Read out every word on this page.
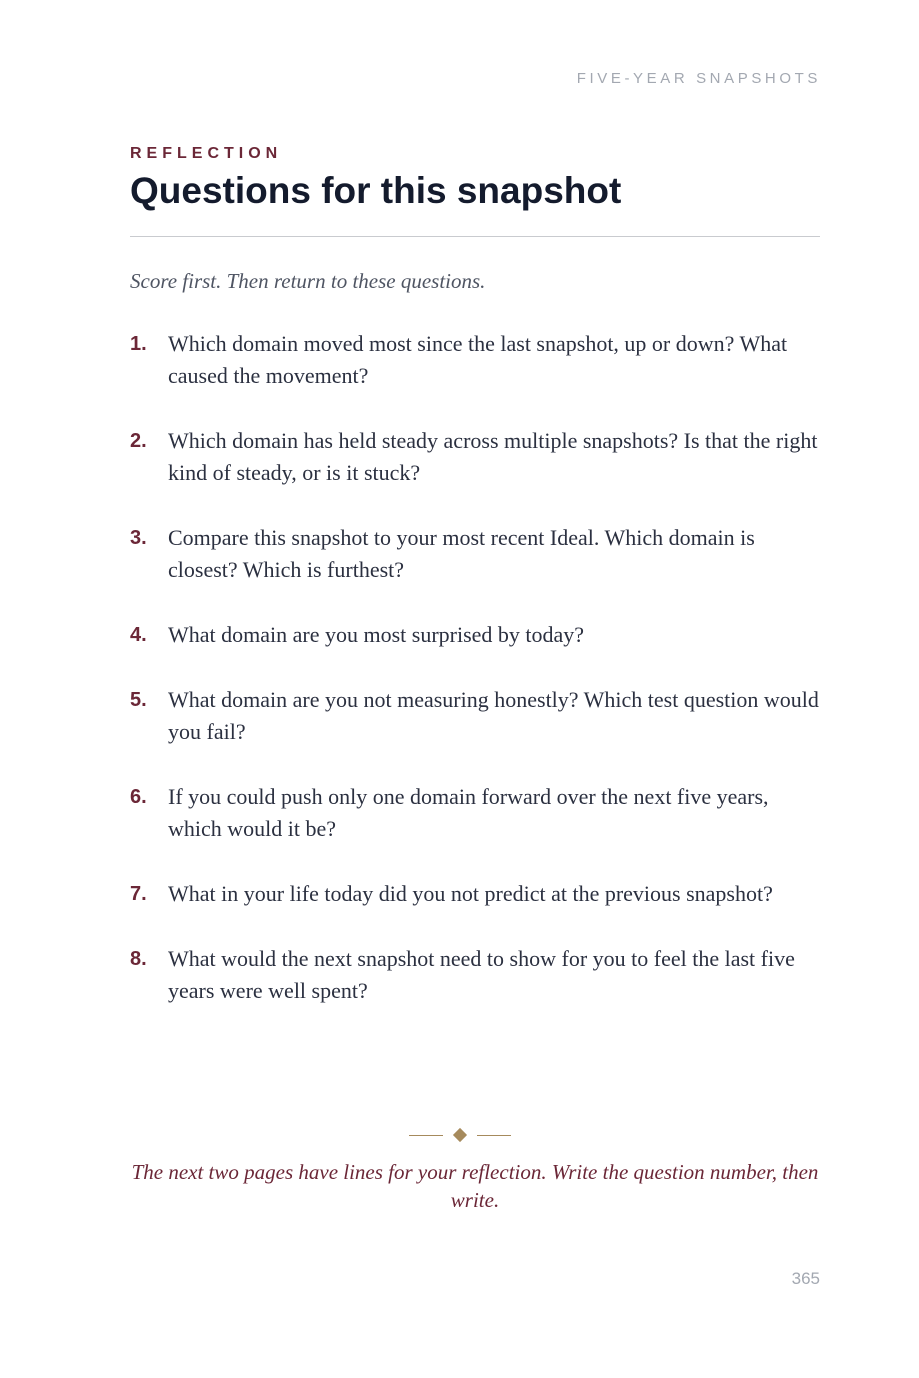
FIVE-YEAR SNAPSHOTS
REFLECTION
Questions for this snapshot
Score first. Then return to these questions.
1. Which domain moved most since the last snapshot, up or down? What caused the movement?
2. Which domain has held steady across multiple snapshots? Is that the right kind of steady, or is it stuck?
3. Compare this snapshot to your most recent Ideal. Which domain is closest? Which is furthest?
4. What domain are you most surprised by today?
5. What domain are you not measuring honestly? Which test question would you fail?
6. If you could push only one domain forward over the next five years, which would it be?
7. What in your life today did you not predict at the previous snapshot?
8. What would the next snapshot need to show for you to feel the last five years were well spent?
The next two pages have lines for your reflection. Write the question number, then write.
365
